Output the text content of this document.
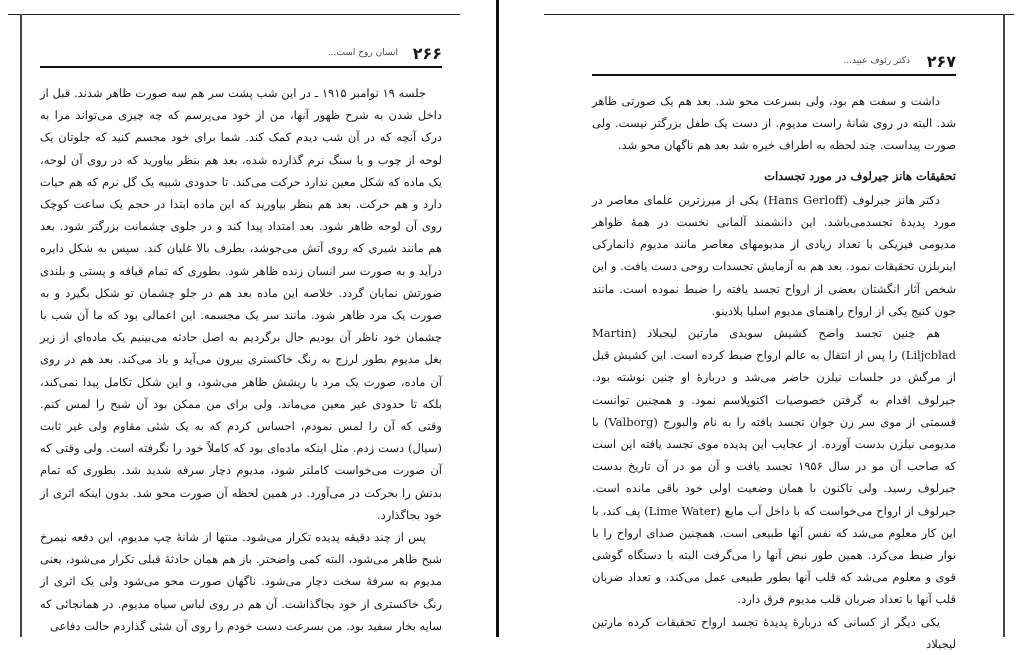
۲۶۶
انسان روح است...

جلسه ۱۹ نوامبر ۱۹۱۵ ـ در این شب پشت سر هم سه صورت ظاهر شدند. قبل از داخل شدن به شرح ظهور آنها، من از خود می‌پرسم که چه چیزی می‌تواند مرا به درک آنچه که در آن شب دیدم کمک کند. شما برای خود مجسم کنید که جلوتان یک لوحه از چوب و یا سنگ نرم گذارده شده، بعد هم بنظر بیاورید که در روی آن لوحه، یک ماده که شکل معین ندارد حرکت می‌کند. تا حدودی شبیه یک گل نرم که هم حیات دارد و هم حرکت. بعد هم بنظر بیاورید که این ماده ابتدا در حجم یک ساعت کوچک روی آن لوحه ظاهر شود. بعد امتداد پیدا کند و در جلوی چشمانت بزرگتر شود. بعد هم مانند شیری که روی آتش می‌جوشد، بطرف بالا غلیان کند. سپس به شکل دایره درآید و به صورت سر انسان زنده ظاهر شود. بطوری که تمام قیافه و پستی و بلندی صورتش نمایان گردد. خلاصه این ماده بعد هم در جلو چشمان تو شکل بگیرد و به صورت یک مرد ظاهر شود. مانند سر یک مجسمه. این اعمالی بود که ما آن شب با چشمان خود ناظر آن بودیم حال برگردیم به اصل حادثه می‌بینیم یک ماده‌ای از زیر بغل مدیوم بطور لرزج به رنگ خاکستری بیرون می‌آید و باد می‌کند. بعد هم در روی آن ماده، صورت یک مرد با ریشش ظاهر می‌شود، و این شکل تکامل پیدا نمی‌کند، بلکه تا حدودی غیر معین می‌ماند. ولی برای من ممکن بود آن شبح را لمس کنم. وقتی که آن را لمس نمودم، احساس کردم که به یک شئی مقاوم ولی غیر ثابت (سیال) دست زدم. مثل اینکه ماده‌ای بود که کاملاً خود را نگرفته است. ولی وقتی که آن صورت می‌خواست کاملتر شود، مدیوم دچار سرفه شدید شد. بطوری که تمام بدنش را بحرکت در می‌آورد. در همین لحظه آن صورت محو شد. بدون اینکه اثری از خود بجاگذارد.

پس از چند دقیقه پدیده تکرار می‌شود. منتها از شانهٔ چپ مدیوم، این دفعه نیمرخ شبح ظاهر می‌شود، البته کمی واضحتر. باز هم همان حادثهٔ قبلی تکرار می‌شود، یعنی مدیوم به سرفهٔ سخت دچار می‌شود. ناگهان صورت محو می‌شود ولی یک اثری از رنگ خاکستری از خود بجاگذاشت. آن هم در روی لباس سیاه مدیوم. در همانجائی که سایه بخار سفید بود. من بسرعت دست خودم را روی آن شئی گذاردم حالت دفاعی

۲۶۷
دکتر رئوف عبید...

داشت و سفت هم بود، ولی بسرعت محو شد. بعد هم یک صورتی ظاهر شد. البته در روی شانهٔ راست مدیوم. از دست یک طفل بزرگتر نیست. ولی صورت پیداست. چند لحظه به اطراف خیره شد بعد هم ناگهان محو شد.

تحقیقات هانز جیرلوف در مورد تجسدات

دکتر هانز جیرلوف (Hans Gerloff) یکی از میرزترین علمای معاصر در مورد پدیدهٔ تجسدمی‌باشد. این دانشمند آلمانی نخست در همهٔ ظواهر مدیومی فیزیکی با تعداد زیادی از مدیومهای معاصر مانند مدیوم دانمارکی اینربلزن تحقیقات نمود. بعد هم به آزمایش تجسدات روحی دست یافت. و این شخص آثار انگشتان بعضی از ارواح تجسد یافته را ضبط نموده است. مانند جون کنیج یکی از ارواح راهنمای مدیوم اسلیا بلادینو.

هم چنین تجسد واضح کشیش سویدی مارتین لیجبلاد (Martin Liljcblad) را پس از انتقال به عالم ارواح ضبط کرده است. این کشیش قبل از مرگش در جلسات نیلزن حاضر می‌شد و دربارهٔ او چنین نوشته بود. جیرلوف اقدام به گرفتن خصوصیات اکتوپلاسم نمود. و همچنین توانست قسمتی از موی سر زن جوان تجسد یافته را به نام والبورج (Valborg) با مدیومی نیلزن بدست آورده. از عجایب این پدیده موی تجسد یافته این است که صاحب آن مو در سال ۱۹۵۶ تجسد یافت و آن مو در آن تاریخ بدست جیرلوف رسید. ولی تاکنون با همان وضعیت اولی خود باقی مانده است. جیرلوف از ارواح می‌خواست که با داخل آب مایع (Lime Water) پف کند، با این کار معلوم می‌شد که نفس آنها طبیعی است. همچنین صدای ارواح را با نوار ضبط می‌کرد. همین طور نبض آنها را می‌گرفت البته با دستگاه گوشی قوی و معلوم می‌شد که قلب آنها بطور طبیعی عمل می‌کند، و تعداد ضربان قلب آنها با تعداد ضربان قلب مدیوم فرق دارد.

یکی دیگر از کسانی که دربارهٔ پدیدهٔ تجسد ارواح تحقیقات کرده مارتین لیجبلاد
